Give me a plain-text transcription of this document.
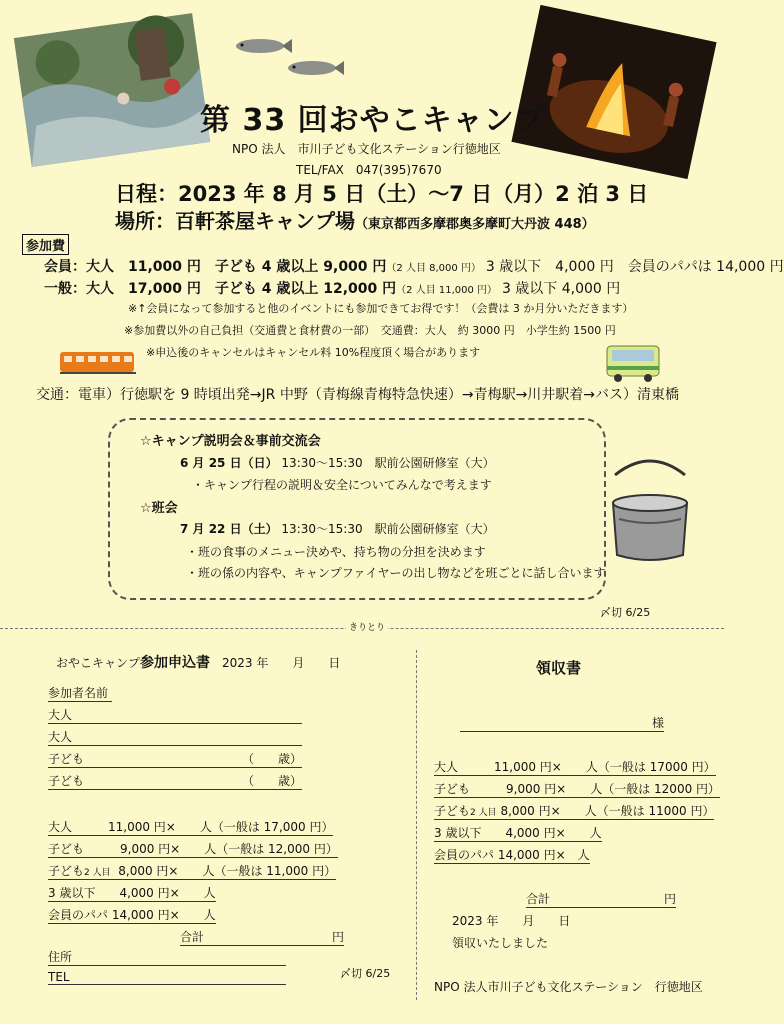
第 33 回おやこキャンプ
NPO 法人　市川子ども文化ステーション行徳地区
TEL/FAX　047(395)7670
日程：2023 年 8 月 5 日（土）〜7 日（月）2 泊 3 日
場所：百軒茶屋キャンプ場（東京都西多摩郡奥多摩町大丹波 448）
参加費
会員：大人　11,000 円　子ども 4 歳以上 9,000 円（2 人目 8,000 円） 3 歳以下　4,000 円　会員のパパは 14,000 円
一般：大人　17,000 円　子ども 4 歳以上 12,000 円（2 人目 11,000 円） 3 歳以下 4,000 円
※↑会員になって参加すると他のイベントにも参加できてお得です！（会費は 3 か月分いただきます）
※参加費以外の自己負担（交通費と食材費の一部）　交通費：大人　約 3000 円　小学生約 1500 円
※申込後のキャンセルはキャンセル料 10%程度頂く場合があります
交通：電車）行徳駅を 9 時頃出発→JR 中野（青梅線青梅特急快速）→青梅駅→川井駅着→バス）清東橋
☆キャンプ説明会＆事前交流会
6 月 25 日（日） 13:30〜15:30　駅前公園研修室（大）
・キャンプ行程の説明＆安全についてみんなで考えます
☆班会
7 月 22 日（土） 13:30〜15:30　駅前公園研修室（大）
・班の食事のメニュー決めや、持ち物の分担を決めます
・班の係の内容や、キャンプファイヤーの出し物などを班ごとに話し合います
〆切 6/25
きりとり
おやこキャンプ参加申込書　 2023 年　　月　　日
参加者名前
大人
大人
子ども	（　　歳）
子ども	（　　歳）
大人　　　11,000 円×　　人（一般は 17,000 円）
子ども　　　9,000 円×　　人（一般は 12,000 円）
子ども2 人目 8,000 円×　　人（一般は 11,000 円）
3 歳以下　　4,000 円×　　人
会員のパパ 14,000 円×　　人
合計	円
住所
TEL	〆切 6/25
領収書
様
大人　　　11,000 円×　　人（一般は 17000 円）
子ども　　　9,000 円×　　人（一般は 12000 円）
子ども2 人目 8,000 円×　　人（一般は 11000 円）
3 歳以下　　4,000 円×　　人
会員のパパ 14,000 円×　人
合計	円
2023 年　　月　　日
領収いたしました
NPO 法人市川子ども文化ステーション　行徳地区
